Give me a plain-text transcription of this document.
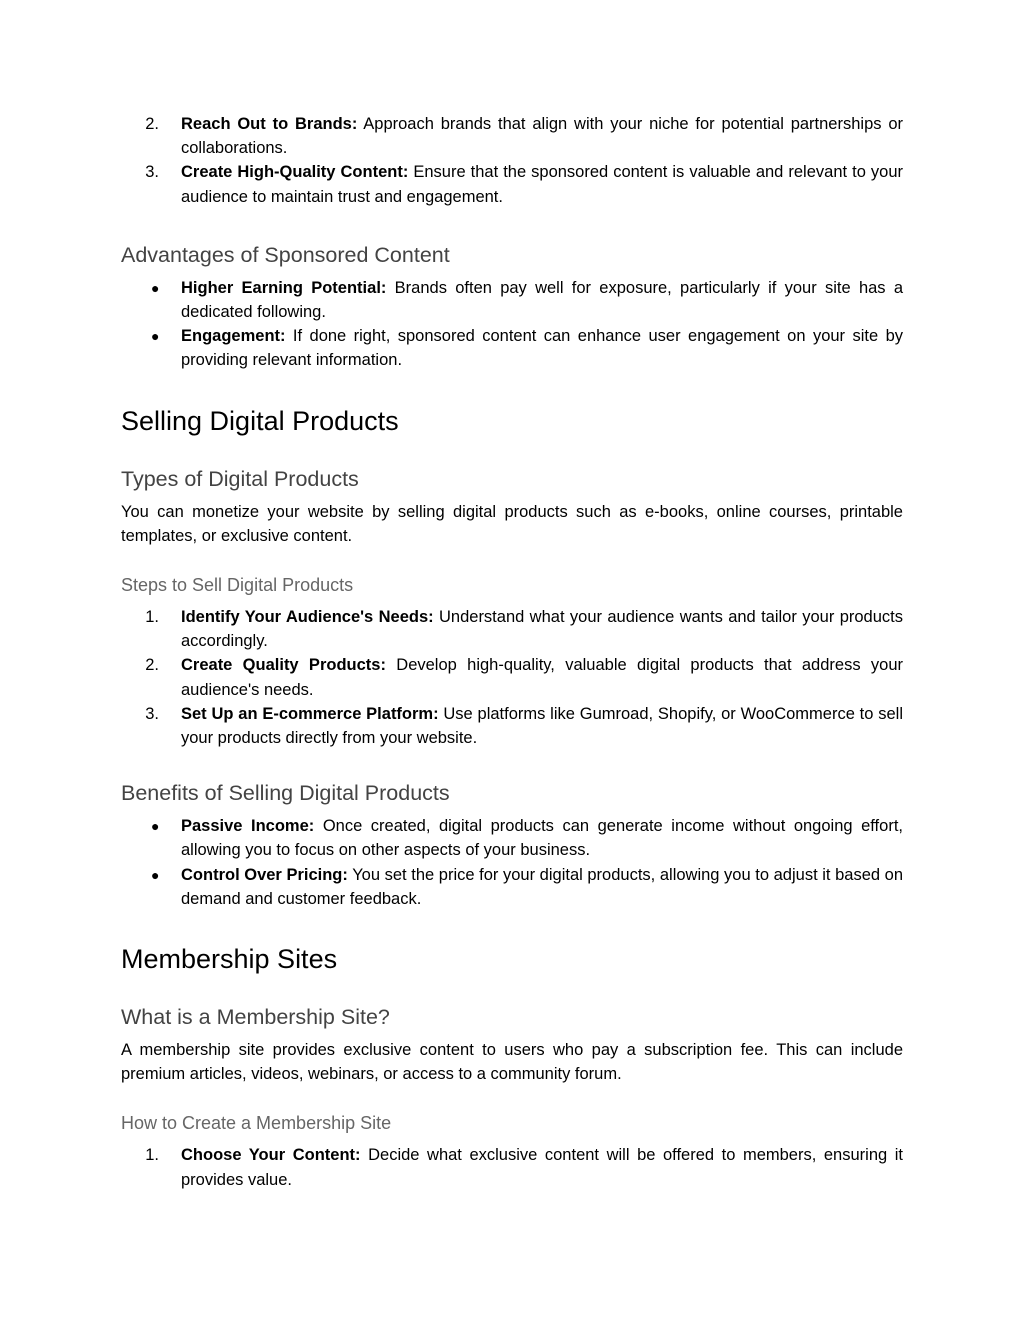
2. Reach Out to Brands: Approach brands that align with your niche for potential partnerships or collaborations.
3. Create High-Quality Content: Ensure that the sponsored content is valuable and relevant to your audience to maintain trust and engagement.
Advantages of Sponsored Content
●	Higher Earning Potential: Brands often pay well for exposure, particularly if your site has a dedicated following.
●	Engagement: If done right, sponsored content can enhance user engagement on your site by providing relevant information.
Selling Digital Products
Types of Digital Products

You can monetize your website by selling digital products such as e-books, online courses, printable templates, or exclusive content.

Steps to Sell Digital Products
1. Identify Your Audience's Needs: Understand what your audience wants and tailor your products accordingly.
2. Create Quality Products: Develop high-quality, valuable digital products that address your audience's needs.
3. Set Up an E-commerce Platform: Use platforms like Gumroad, Shopify, or WooCommerce to sell your products directly from your website.
Benefits of Selling Digital Products
●	Passive Income: Once created, digital products can generate income without ongoing effort, allowing you to focus on other aspects of your business.
●	Control Over Pricing: You set the price for your digital products, allowing you to adjust it based on demand and customer feedback.
Membership Sites
What is a Membership Site?

A membership site provides exclusive content to users who pay a subscription fee. This can include premium articles, videos, webinars, or access to a community forum.

How to Create a Membership Site
1. Choose Your Content: Decide what exclusive content will be offered to members, ensuring it provides value.
